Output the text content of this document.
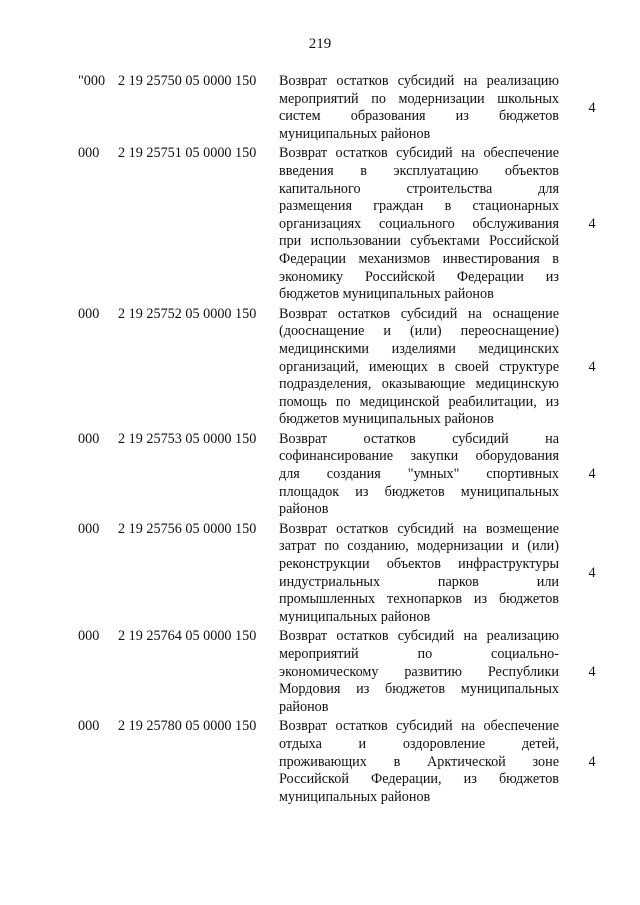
219
"000 2 19 25750 05 0000 150	Возврат остатков субсидий на реализацию
мероприятий по модернизации школьных
систем образования из бюджетов
муниципальных районов
4
000	2 19 25751 05 0000 150	Возврат остатков субсидий на обеспечение
введения в эксплуатацию объектов
капитального строительства для
размещения граждан в стационарных
организациях социального обслуживания
при использовании субъектами Российской
Федерации механизмов инвестирования в
экономику Российской Федерации из
бюджетов муниципальных районов
4
000	2 19 25752 05 0000 150	Возврат остатков субсидий на оснащение
(дооснащение и (или) переоснащение)
медицинскими изделиями медицинских
организаций, имеющих в своей структуре
подразделения, оказывающие медицинскую
помощь по медицинской реабилитации, из
бюджетов муниципальных районов
4
000	2 19 25753 05 0000 150	Возврат остатков субсидий на
софинансирование закупки оборудования
для создания "умных" спортивных
площадок из бюджетов муниципальных
районов
4
000	2 19 25756 05 0000 150	Возврат остатков субсидий на возмещение
затрат по созданию, модернизации и (или)
реконструкции объектов инфраструктуры
индустриальных парков или
промышленных технопарков из бюджетов
муниципальных районов
4
000	2 19 25764 05 0000 150	Возврат остатков субсидий на реализацию
мероприятий по социально-
экономическому развитию Республики
Мордовия из бюджетов муниципальных
районов
4
000	2 19 25780 05 0000 150	Возврат остатков субсидий на обеспечение
отдыха и оздоровление детей,
проживающих в Арктической зоне
Российской Федерации, из бюджетов
муниципальных районов
4
